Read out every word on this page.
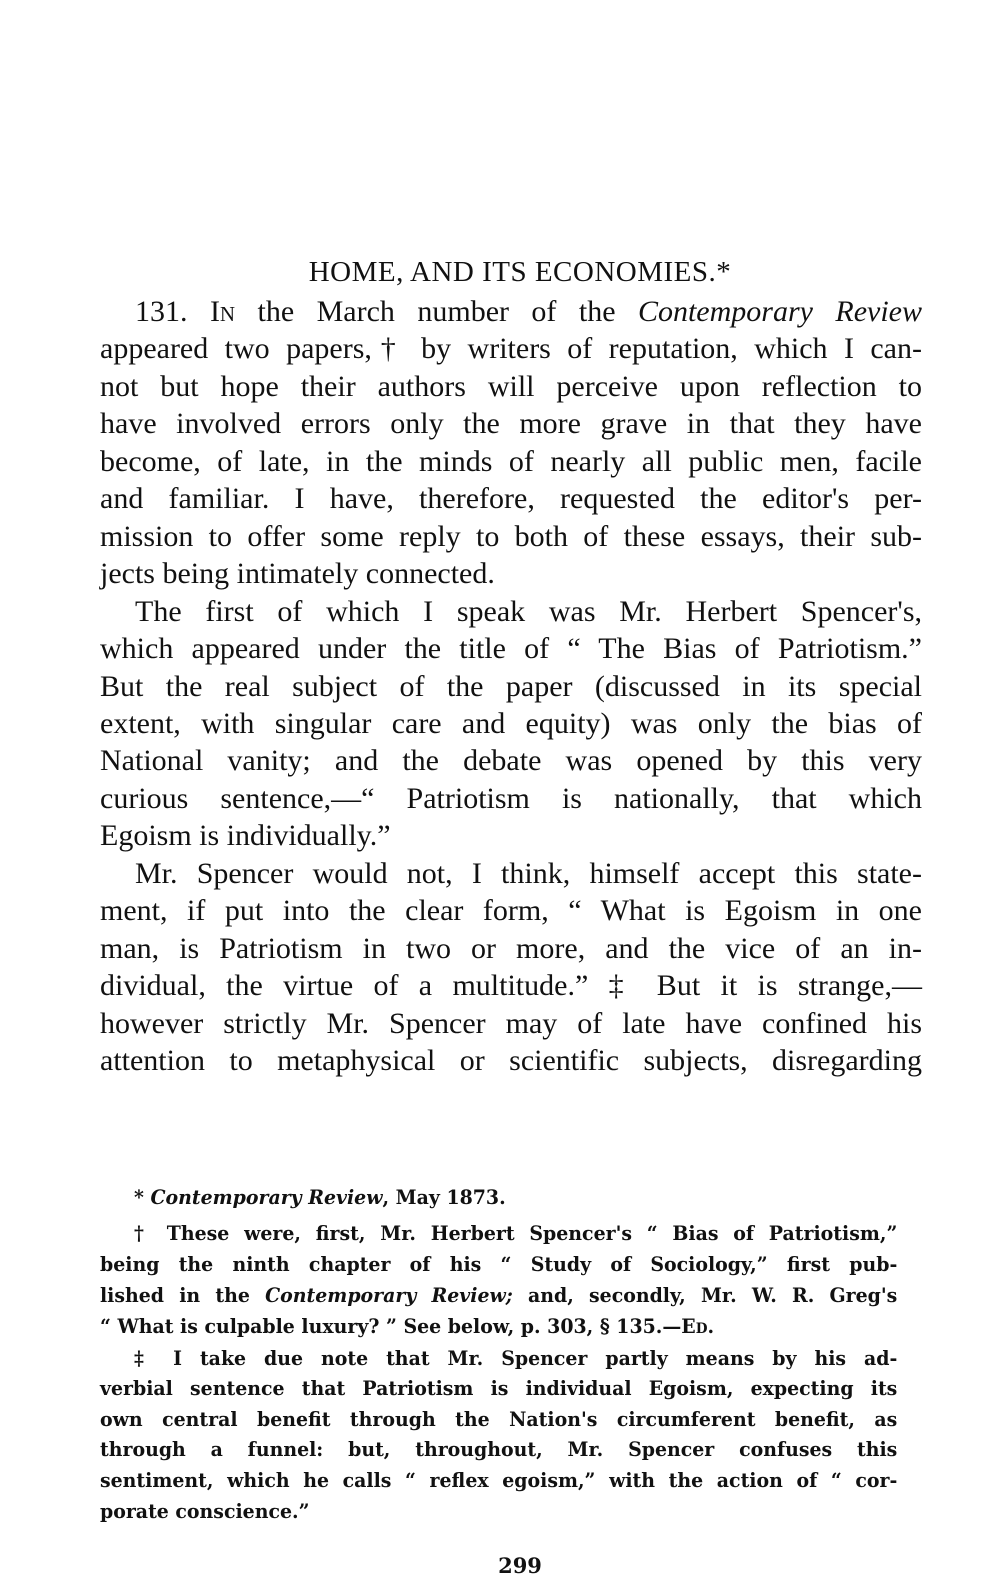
HOME, AND ITS ECONOMIES.*
131. In the March number of the Contemporary Review
appeared two papers,† by writers of reputation, which I can-
not but hope their authors will perceive upon reflection to
have involved errors only the more grave in that they have
become, of late, in the minds of nearly all public men, facile
and familiar. I have, therefore, requested the editor's per-
mission to offer some reply to both of these essays, their sub-
jects being intimately connected.
The first of which I speak was Mr. Herbert Spencer's,
which appeared under the title of “ The Bias of Patriotism.”
But the real subject of the paper (discussed in its special
extent, with singular care and equity) was only the bias of
National vanity; and the debate was opened by this very
curious sentence,—“ Patriotism is nationally, that which
Egoism is individually.”
Mr. Spencer would not, I think, himself accept this state-
ment, if put into the clear form, “ What is Egoism in one
man, is Patriotism in two or more, and the vice of an in-
dividual, the virtue of a multitude.” ‡ But it is strange,—
however strictly Mr. Spencer may of late have confined his
attention to metaphysical or scientific subjects, disregarding
* Contemporary Review, May 1873.
† These were, first, Mr. Herbert Spencer's “ Bias of Patriotism,”
being the ninth chapter of his “ Study of Sociology,” first pub-
lished in the Contemporary Review; and, secondly, Mr. W. R. Greg's
“ What is culpable luxury? ” See below, p. 303, § 135.—Ed.
‡ I take due note that Mr. Spencer partly means by his ad-
verbial sentence that Patriotism is individual Egoism, expecting its
own central benefit through the Nation's circumferent benefit, as
through a funnel: but, throughout, Mr. Spencer confuses this
sentiment, which he calls “ reflex egoism,” with the action of “ cor-
porate conscience.”
299
